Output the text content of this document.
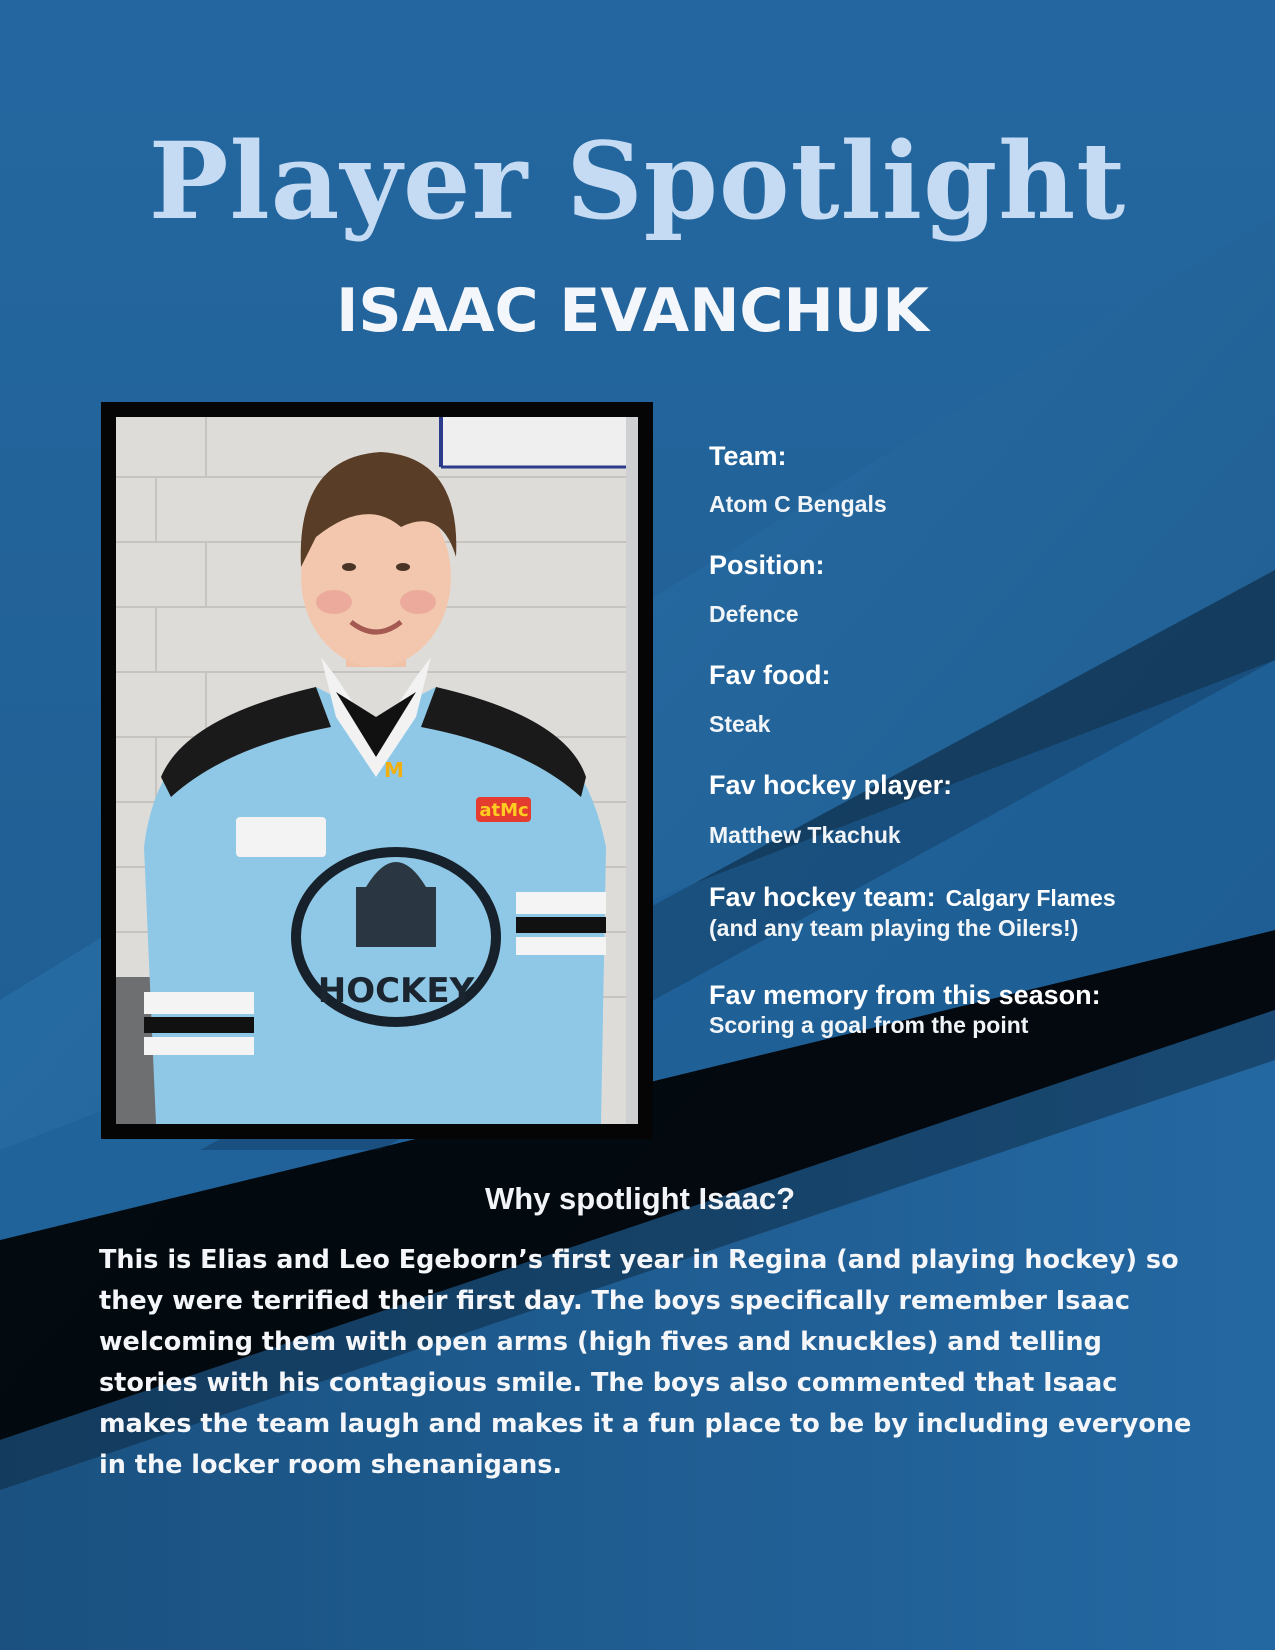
Player Spotlight
ISAAC EVANCHUK
HOCKEY
atMc
M
Team:
Atom C Bengals
Position:
Defence
Fav food:
Steak
Fav hockey player:
Matthew Tkachuk
Fav hockey team: Calgary Flames
(and any team playing the Oilers!)
Fav memory from this season:
Scoring a goal from the point
Why spotlight Isaac?
This is Elias and Leo Egeborn’s first year in Regina (and playing hockey) so they were terrified their first day. The boys specifically remember Isaac welcoming them with open arms (high fives and knuckles) and telling stories with his contagious smile. The boys also commented that Isaac makes the team laugh and makes it a fun place to be by including everyone in the locker room shenanigans.
